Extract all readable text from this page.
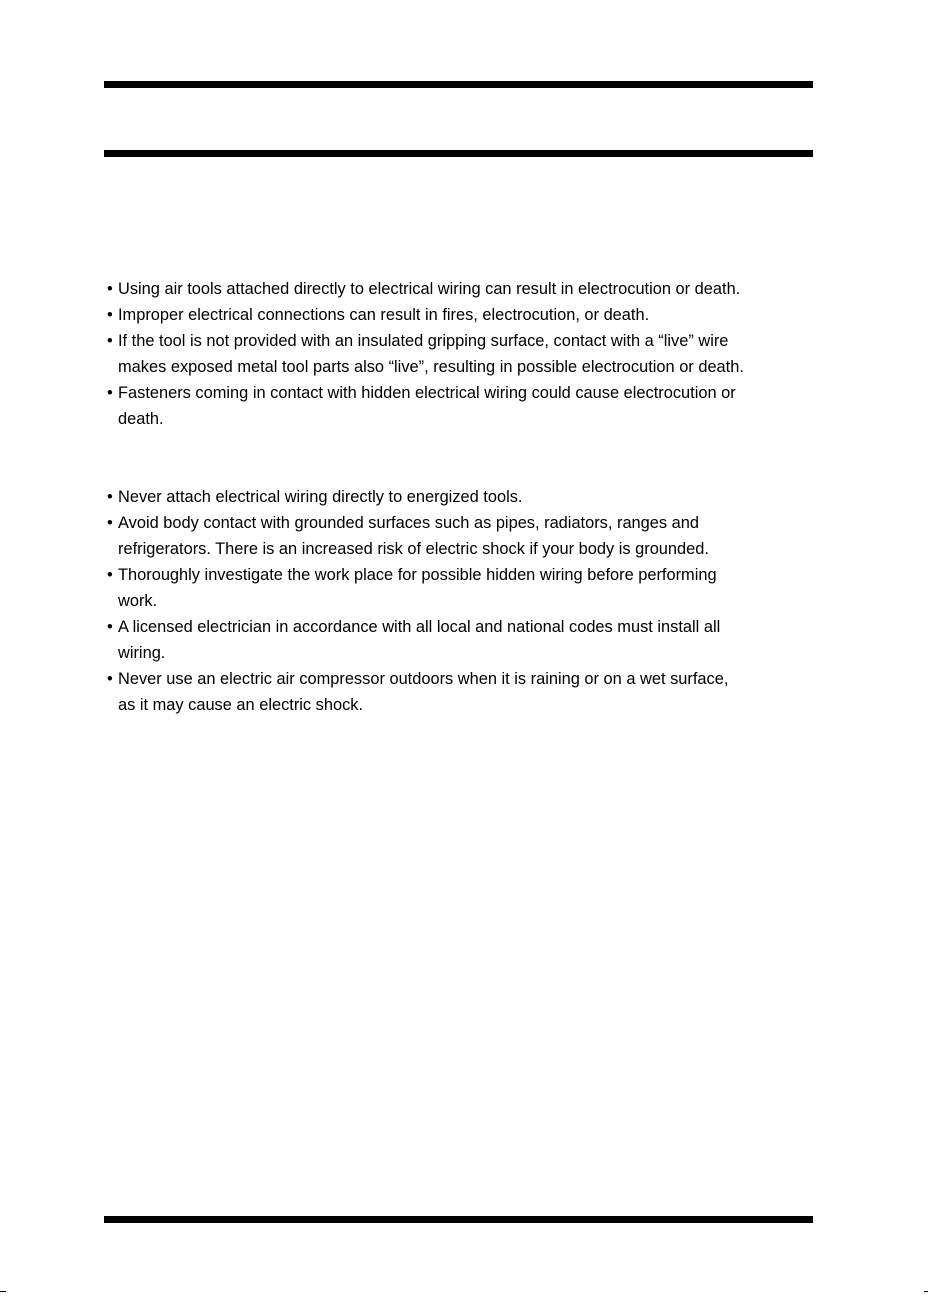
• Using air tools attached directly to electrical wiring can result in electrocution or death.
• Improper electrical connections can result in fires, electrocution, or death.
• If the tool is not provided with an insulated gripping surface, contact with a “live” wire
makes exposed metal tool parts also “live”, resulting in possible electrocution or death.
• Fasteners coming in contact with hidden electrical wiring could cause electrocution or
death.
• Never attach electrical wiring directly to energized tools.
• Avoid body contact with grounded surfaces such as pipes, radiators, ranges and
refrigerators. There is an increased risk of electric shock if your body is grounded.
• Thoroughly investigate the work place for possible hidden wiring before performing
work.
• A licensed electrician in accordance with all local and national codes must install all
wiring.
• Never use an electric air compressor outdoors when it is raining or on a wet surface,
as it may cause an electric shock.
